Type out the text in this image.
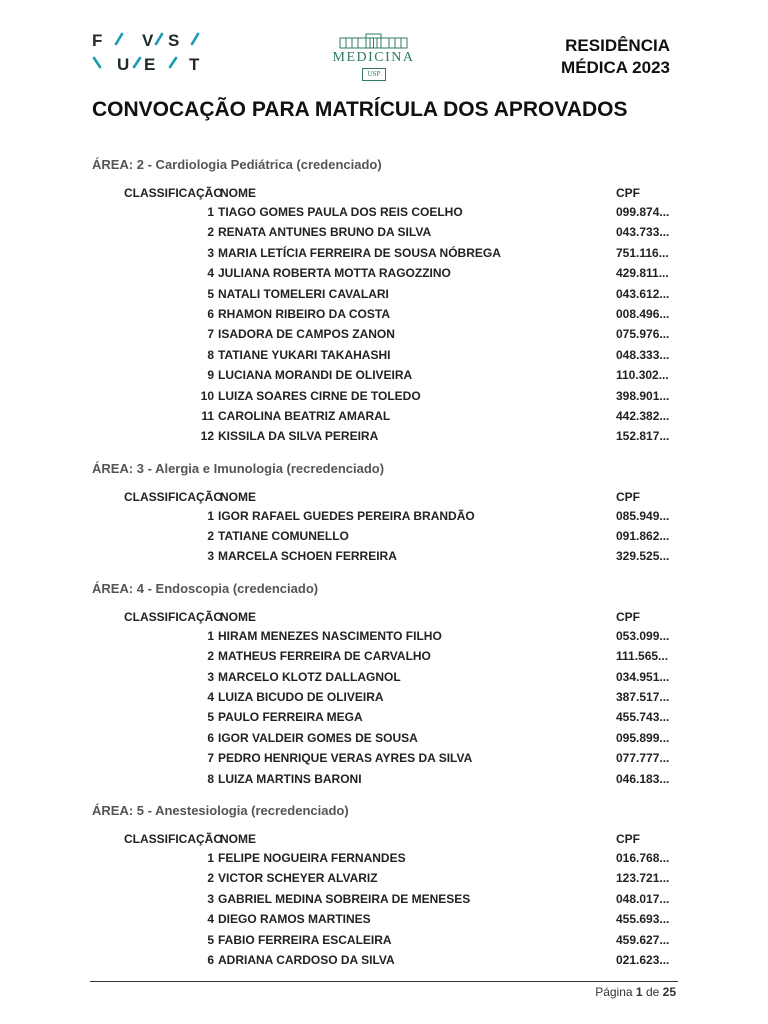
F V S
U E T	MEDICINA
USP
RESIDÊNCIA
MÉDICA 2023
CONVOCAÇÃO PARA MATRÍCULA DOS APROVADOS
ÁREA: 2 - Cardiologia Pediátrica (credenciado)
CLASSIFICAÇÃO
NOME	CPF
1 TIAGO GOMES PAULA DOS REIS COELHO	099.874...
2 RENATA ANTUNES BRUNO DA SILVA	043.733...
3 MARIA LETÍCIA FERREIRA DE SOUSA NÓBREGA	751.116...
4 JULIANA ROBERTA MOTTA RAGOZZINO	429.811...
5 NATALI TOMELERI CAVALARI	043.612...
6 RHAMON RIBEIRO DA COSTA	008.496...
7 ISADORA DE CAMPOS ZANON	075.976...
8 TATIANE YUKARI TAKAHASHI	048.333...
9 LUCIANA MORANDI DE OLIVEIRA	110.302...
10 LUIZA SOARES CIRNE DE TOLEDO	398.901...
11 CAROLINA BEATRIZ AMARAL	442.382...
12 KISSILA DA SILVA PEREIRA	152.817...
ÁREA: 3 - Alergia e Imunologia (recredenciado)
CLASSIFICAÇÃO
NOME	CPF
1 IGOR RAFAEL GUEDES PEREIRA BRANDÃO	085.949...
2 TATIANE COMUNELLO	091.862...
3 MARCELA SCHOEN FERREIRA	329.525...
ÁREA: 4 - Endoscopia (credenciado)
CLASSIFICAÇÃO
NOME	CPF
1 HIRAM MENEZES NASCIMENTO FILHO	053.099...
2 MATHEUS FERREIRA DE CARVALHO	111.565...
3 MARCELO KLOTZ DALLAGNOL	034.951...
4 LUIZA BICUDO DE OLIVEIRA	387.517...
5 PAULO FERREIRA MEGA	455.743...
6 IGOR VALDEIR GOMES DE SOUSA	095.899...
7 PEDRO HENRIQUE VERAS AYRES DA SILVA	077.777...
8 LUIZA MARTINS BARONI	046.183...
ÁREA: 5 - Anestesiologia (recredenciado)
CLASSIFICAÇÃO
NOME	CPF
1 FELIPE NOGUEIRA FERNANDES	016.768...
2 VICTOR SCHEYER ALVARIZ	123.721...
3 GABRIEL MEDINA SOBREIRA DE MENESES	048.017...
4 DIEGO RAMOS MARTINES	455.693...
5 FABIO FERREIRA ESCALEIRA	459.627...
6 ADRIANA CARDOSO DA SILVA	021.623...
Página 1 de 25
